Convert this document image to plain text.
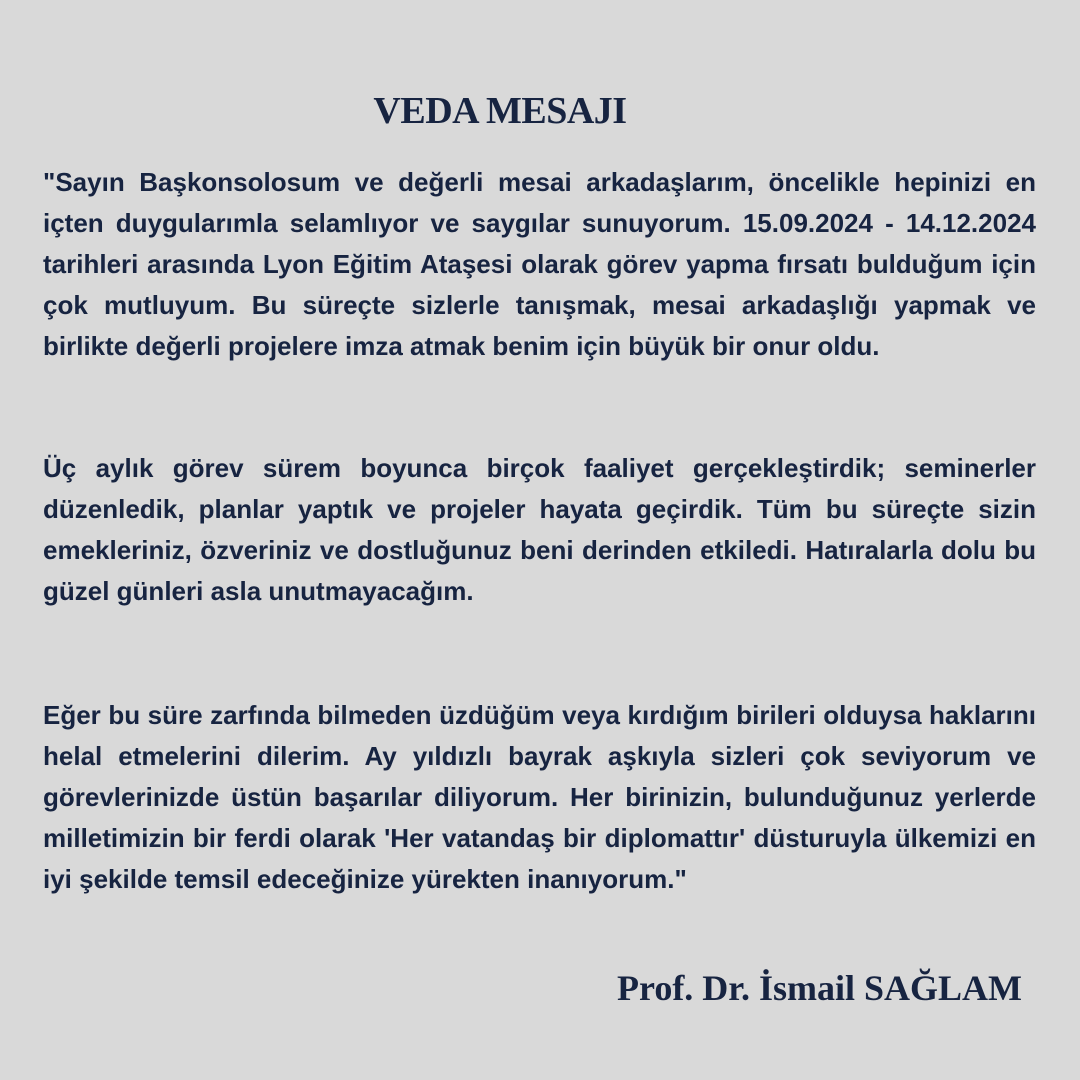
VEDA MESAJI

"Sayın Başkonsolosum ve değerli mesai arkadaşlarım, öncelikle hepinizi en içten duygularımla selamlıyor ve saygılar sunuyorum. 15.09.2024 - 14.12.2024 tarihleri arasında Lyon Eğitim Ataşesi olarak görev yapma fırsatı bulduğum için çok mutluyum. Bu süreçte sizlerle tanışmak, mesai arkadaşlığı yapmak ve birlikte değerli projelere imza atmak benim için büyük bir onur oldu.

Üç aylık görev sürem boyunca birçok faaliyet gerçekleştirdik; seminerler düzenledik, planlar yaptık ve projeler hayata geçirdik. Tüm bu süreçte sizin emekleriniz, özveriniz ve dostluğunuz beni derinden etkiledi. Hatıralarla dolu bu güzel günleri asla unutmayacağım.

Eğer bu süre zarfında bilmeden üzdüğüm veya kırdığım birileri olduysa haklarını helal etmelerini dilerim. Ay yıldızlı bayrak aşkıyla sizleri çok seviyorum ve görevlerinizde üstün başarılar diliyorum. Her birinizin, bulunduğunuz yerlerde milletimizin bir ferdi olarak 'Her vatandaş bir diplomattır' düsturuyla ülkemizi en iyi şekilde temsil edeceğinize yürekten inanıyorum."

Prof. Dr. İsmail SAĞLAM
